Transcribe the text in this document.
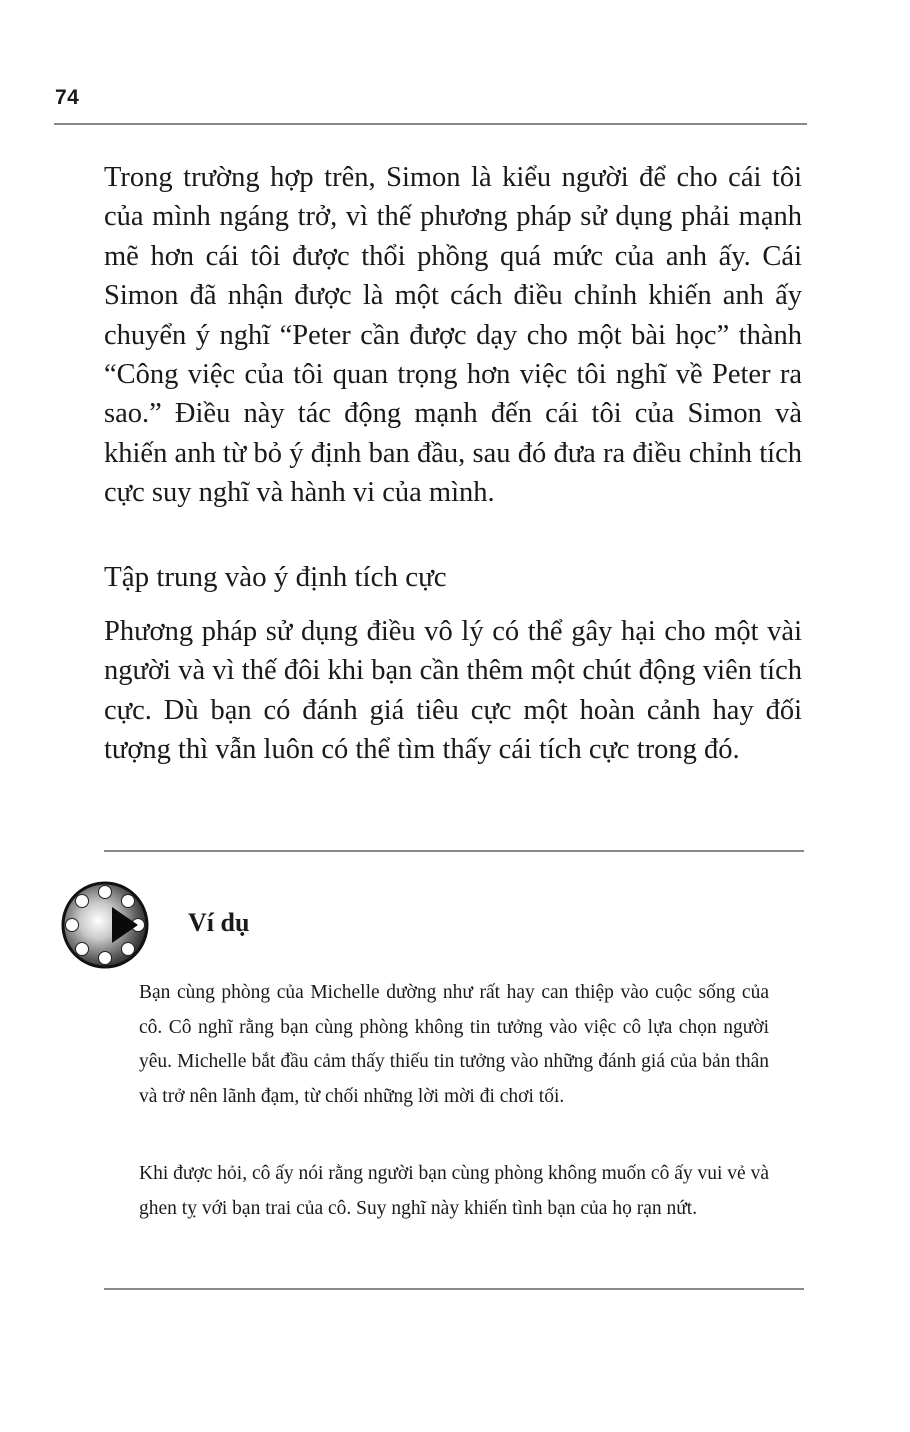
74

Trong trường hợp trên, Simon là kiểu người để cho cái tôi của mình ngáng trở, vì thế phương pháp sử dụng phải mạnh mẽ hơn cái tôi được thổi phồng quá mức của anh ấy. Cái Simon đã nhận được là một cách điều chỉnh khiến anh ấy chuyển ý nghĩ “Peter cần được dạy cho một bài học” thành “Công việc của tôi quan trọng hơn việc tôi nghĩ về Peter ra sao.” Điều này tác động mạnh đến cái tôi của Simon và khiến anh từ bỏ ý định ban đầu, sau đó đưa ra điều chỉnh tích cực suy nghĩ và hành vi của mình.

Tập trung vào ý định tích cực

Phương pháp sử dụng điều vô lý có thể gây hại cho một vài người và vì thế đôi khi bạn cần thêm một chút động viên tích cực. Dù bạn có đánh giá tiêu cực một hoàn cảnh hay đối tượng thì vẫn luôn có thể tìm thấy cái tích cực trong đó.

Ví dụ

Bạn cùng phòng của Michelle dường như rất hay can thiệp vào cuộc sống của cô. Cô nghĩ rằng bạn cùng phòng không tin tưởng vào việc cô lựa chọn người yêu. Michelle bắt đầu cảm thấy thiếu tin tưởng vào những đánh giá của bản thân và trở nên lãnh đạm, từ chối những lời mời đi chơi tối.

Khi được hỏi, cô ấy nói rằng người bạn cùng phòng không muốn cô ấy vui vẻ và ghen tỵ với bạn trai của cô. Suy nghĩ này khiến tình bạn của họ rạn nứt.
